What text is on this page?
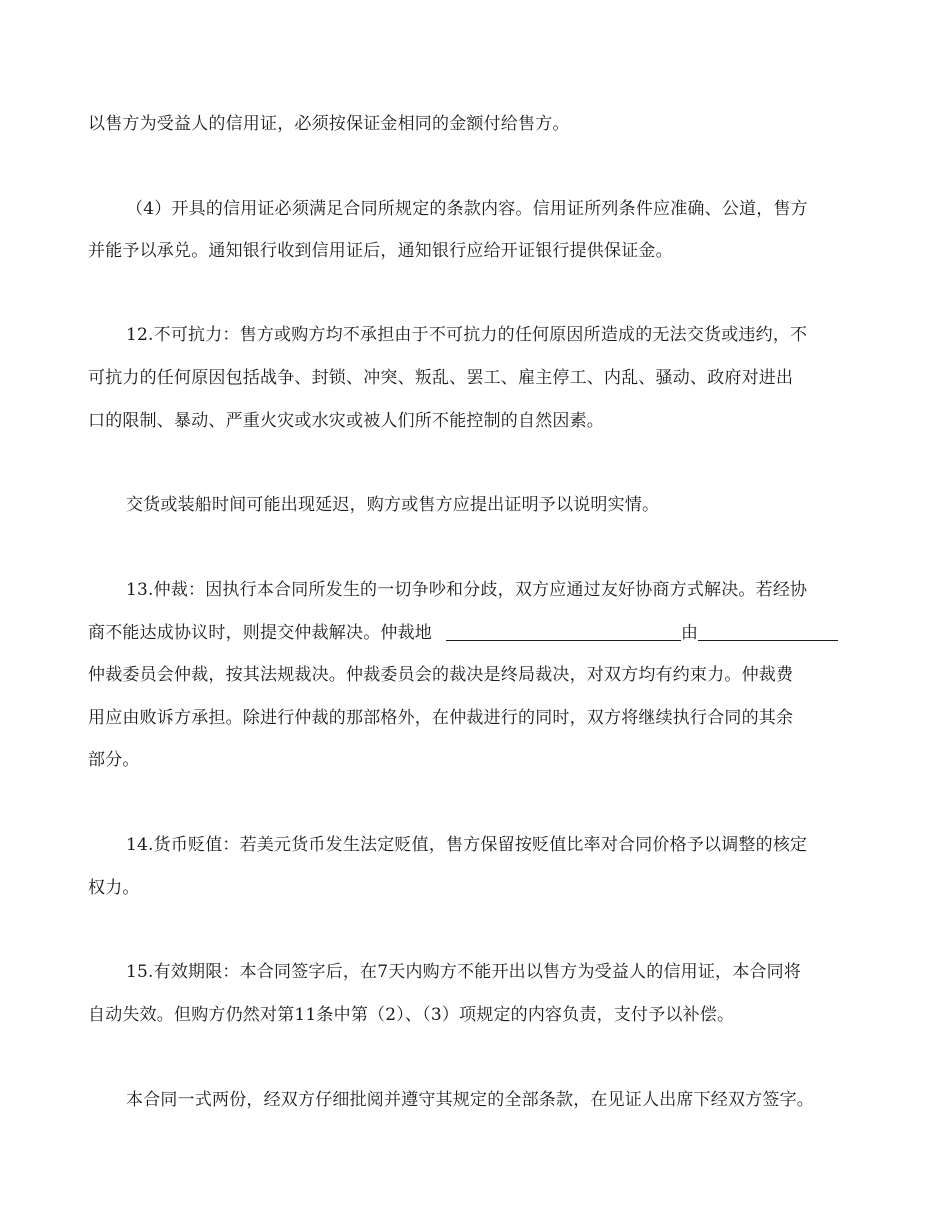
以售方为受益人的信用证，必须按保证金相同的金额付给售方。
（4）开具的信用证必须满足合同所规定的条款内容。信用证所列条件应准确、公道，售方
并能予以承兑。通知银行收到信用证后，通知银行应给开证银行提供保证金。
12.不可抗力：售方或购方均不承担由于不可抗力的任何原因所造成的无法交货或违约，不
可抗力的任何原因包括战争、封锁、冲突、叛乱、罢工、雇主停工、内乱、骚动、政府对进出
口的限制、暴动、严重火灾或水灾或被人们所不能控制的自然因素。
交货或装船时间可能出现延迟，购方或售方应提出证明予以说明实情。
13.仲裁：因执行本合同所发生的一切争吵和分歧，双方应通过友好协商方式解决。若经协
商不能达成协议时，则提交仲裁解决。仲裁地	由
仲裁委员会仲裁，按其法规裁决。仲裁委员会的裁决是终局裁决，对双方均有约束力。仲裁费
用应由败诉方承担。除进行仲裁的那部格外，在仲裁进行的同时，双方将继续执行合同的其余
部分。
14.货币贬值：若美元货币发生法定贬值，售方保留按贬值比率对合同价格予以调整的核定
权力。
15.有效期限：本合同签字后，在7天内购方不能开出以售方为受益人的信用证，本合同将
自动失效。但购方仍然对第11条中第（2）、（3）项规定的内容负责，支付予以补偿。
本合同一式两份，经双方仔细批阅并遵守其规定的全部条款，在见证人出席下经双方签字。
